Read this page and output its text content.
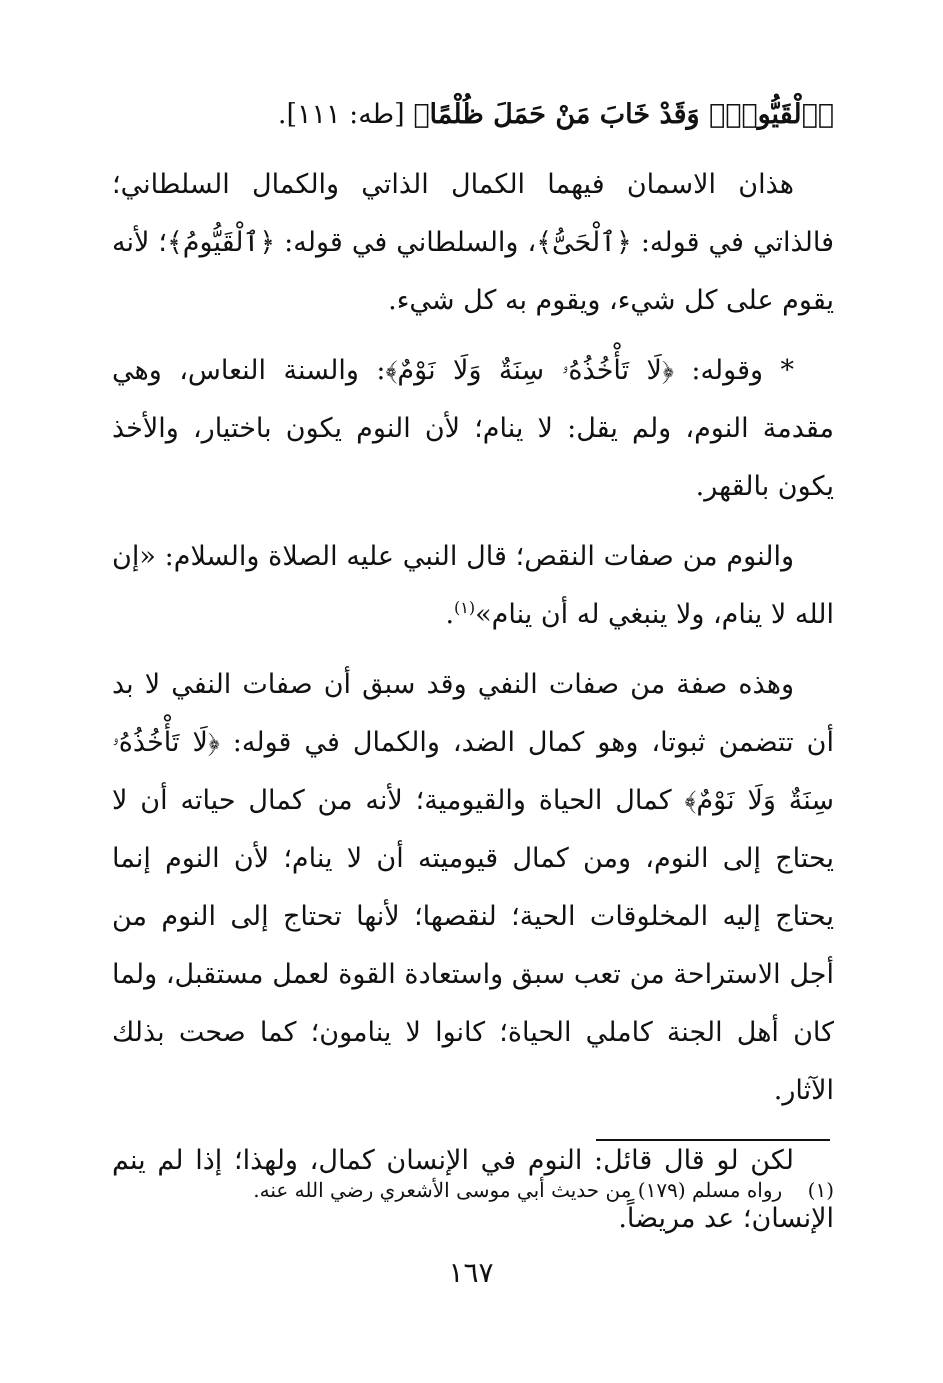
﴿ٱلْقَيُّومِۖ وَقَدْ خَابَ مَنْ حَمَلَ ظُلْمًا﴾ [طه: ١١١].

هذان الاسمان فيهما الكمال الذاتي والكمال السلطاني؛ فالذاتي في قوله: ﴿ٱلْحَىُّ﴾، والسلطاني في قوله: ﴿ٱلْقَيُّومُ﴾؛ لأنه يقوم على كل شيء، ويقوم به كل شيء.

* وقوله: ﴿لَا تَأْخُذُهُۥ سِنَةٌ وَلَا نَوْمٌ﴾: والسنة النعاس، وهي مقدمة النوم، ولم يقل: لا ينام؛ لأن النوم يكون باختيار، والأخذ يكون بالقهر.

والنوم من صفات النقص؛ قال النبي عليه الصلاة والسلام: «إن الله لا ينام، ولا ينبغي له أن ينام»$^{(١)}$.

وهذه صفة من صفات النفي وقد سبق أن صفات النفي لا بد أن تتضمن ثبوتا، وهو كمال الضد، والكمال في قوله: ﴿لَا تَأْخُذُهُۥ سِنَةٌ وَلَا نَوْمٌ﴾ كمال الحياة والقيومية؛ لأنه من كمال حياته أن لا يحتاج إلى النوم، ومن كمال قيوميته أن لا ينام؛ لأن النوم إنما يحتاج إليه المخلوقات الحية؛ لنقصها؛ لأنها تحتاج إلى النوم من أجل الاستراحة من تعب سبق واستعادة القوة لعمل مستقبل، ولما كان أهل الجنة كاملي الحياة؛ كانوا لا ينامون؛ كما صحت بذلك الآثار.

لكن لو قال قائل: النوم في الإنسان كمال، ولهذا؛ إذا لم ينم الإنسان؛ عد مريضاً.

(١)    رواه مسلم (١٧٩) من حديث أبي موسى الأشعري رضي الله عنه.
١٦٧
